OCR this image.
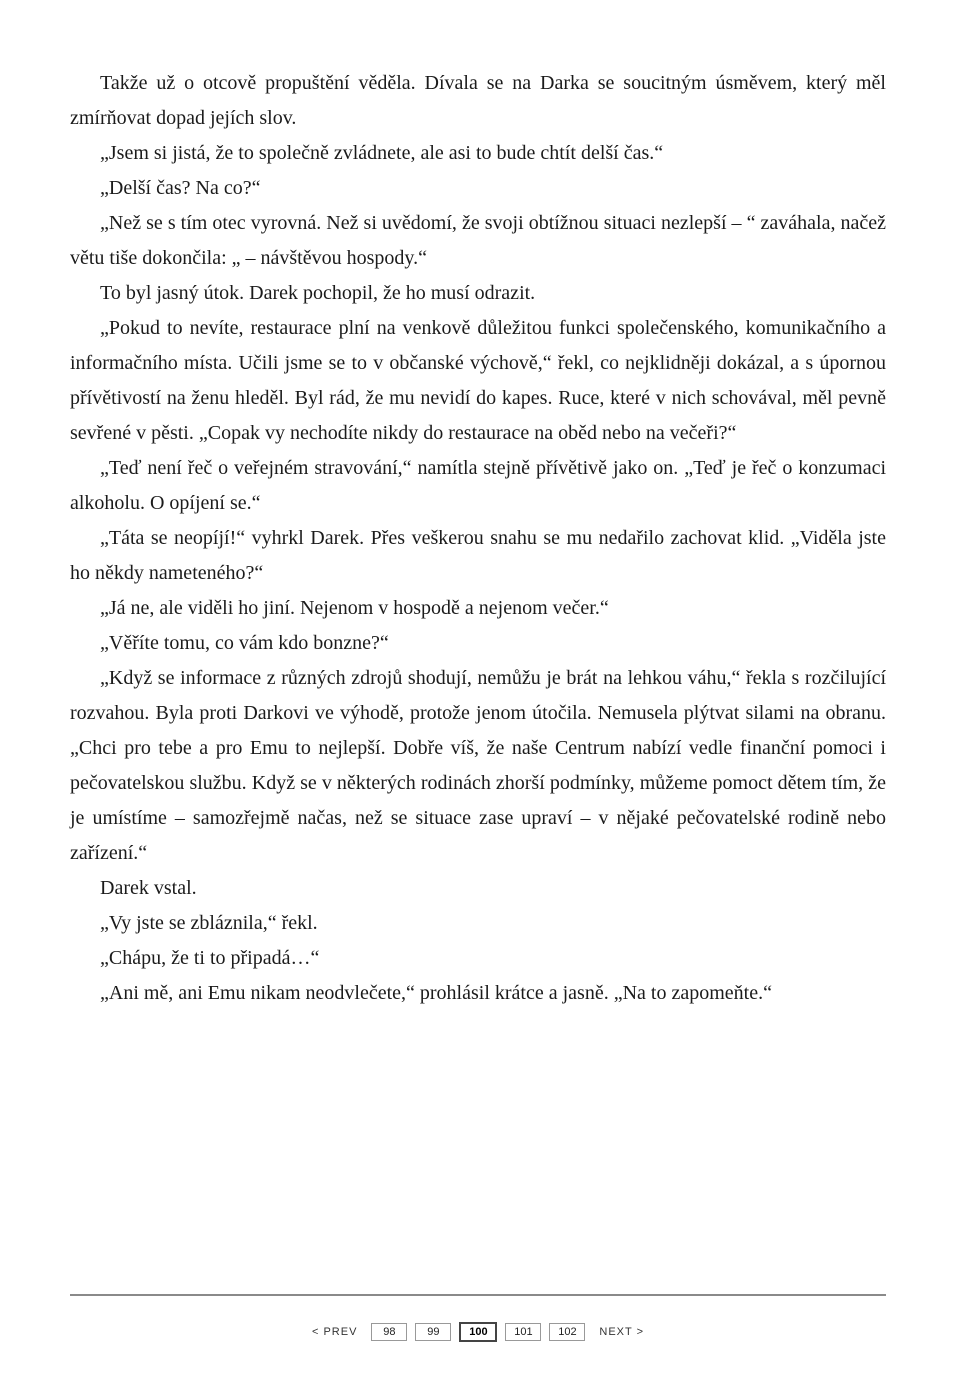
Takže už o otcově propuštění věděla. Dívala se na Darka se soucitným úsměvem, který měl zmírňovat dopad jejích slov.

„Jsem si jistá, že to společně zvládnete, ale asi to bude chtít delší čas.“

„Delší čas? Na co?“

„Než se s tím otec vyrovná. Než si uvědomí, že svoji obtížnou situaci nezlepší – “ zaváhala, načež větu tiše dokončila: „ – návštěvou hospody.“

To byl jasný útok. Darek pochopil, že ho musí odrazit.

„Pokud to nevíte, restaurace plní na venkově důležitou funkci společenského, komunikačního a informačního místa. Učili jsme se to v občanské výchově,“ řekl, co nejklidněji dokázal, a s úpornou přívětivostí na ženu hleděl. Byl rád, že mu nevidí do kapes. Ruce, které v nich schovával, měl pevně sevřené v pěsti. „Copak vy nechodíte nikdy do restaurace na oběd nebo na večeři?“

„Teď není řeč o veřejném stravování,“ namítla stejně přívětivě jako on. „Teď je řeč o konzumaci alkoholu. O opíjení se.“

„Táta se neopíjí!“ vyhrkl Darek. Přes veškerou snahu se mu nedařilo zachovat klid. „Viděla jste ho někdy nameteného?“

„Já ne, ale viděli ho jiní. Nejenom v hospodě a nejenom večer.“

„Věříte tomu, co vám kdo bonzne?“

„Když se informace z různých zdrojů shodují, nemůžu je brát na lehkou váhu,“ řekla s rozčilující rozvahou. Byla proti Darkovi ve výhodě, protože jenom útočila. Nemusela plýtvat silami na obranu. „Chci pro tebe a pro Emu to nejlepší. Dobře víš, že naše Centrum nabízí vedle finanční pomoci i pečovatelskou službu. Když se v některých rodinách zhorší podmínky, můžeme pomoct dětem tím, že je umístíme – samozřejmě načas, než se situace zase upraví – v nějaké pečovatelské rodině nebo zařízení.“

Darek vstal.

„Vy jste se zbláznila,“ řekl.

„Chápu, že ti to připadá…“

„Ani mě, ani Emu nikam neodvlečete,“ prohlásil krátce a jasně. „Na to zapomeňte.“

< PREV	98	99	100	101	102	NEXT >
